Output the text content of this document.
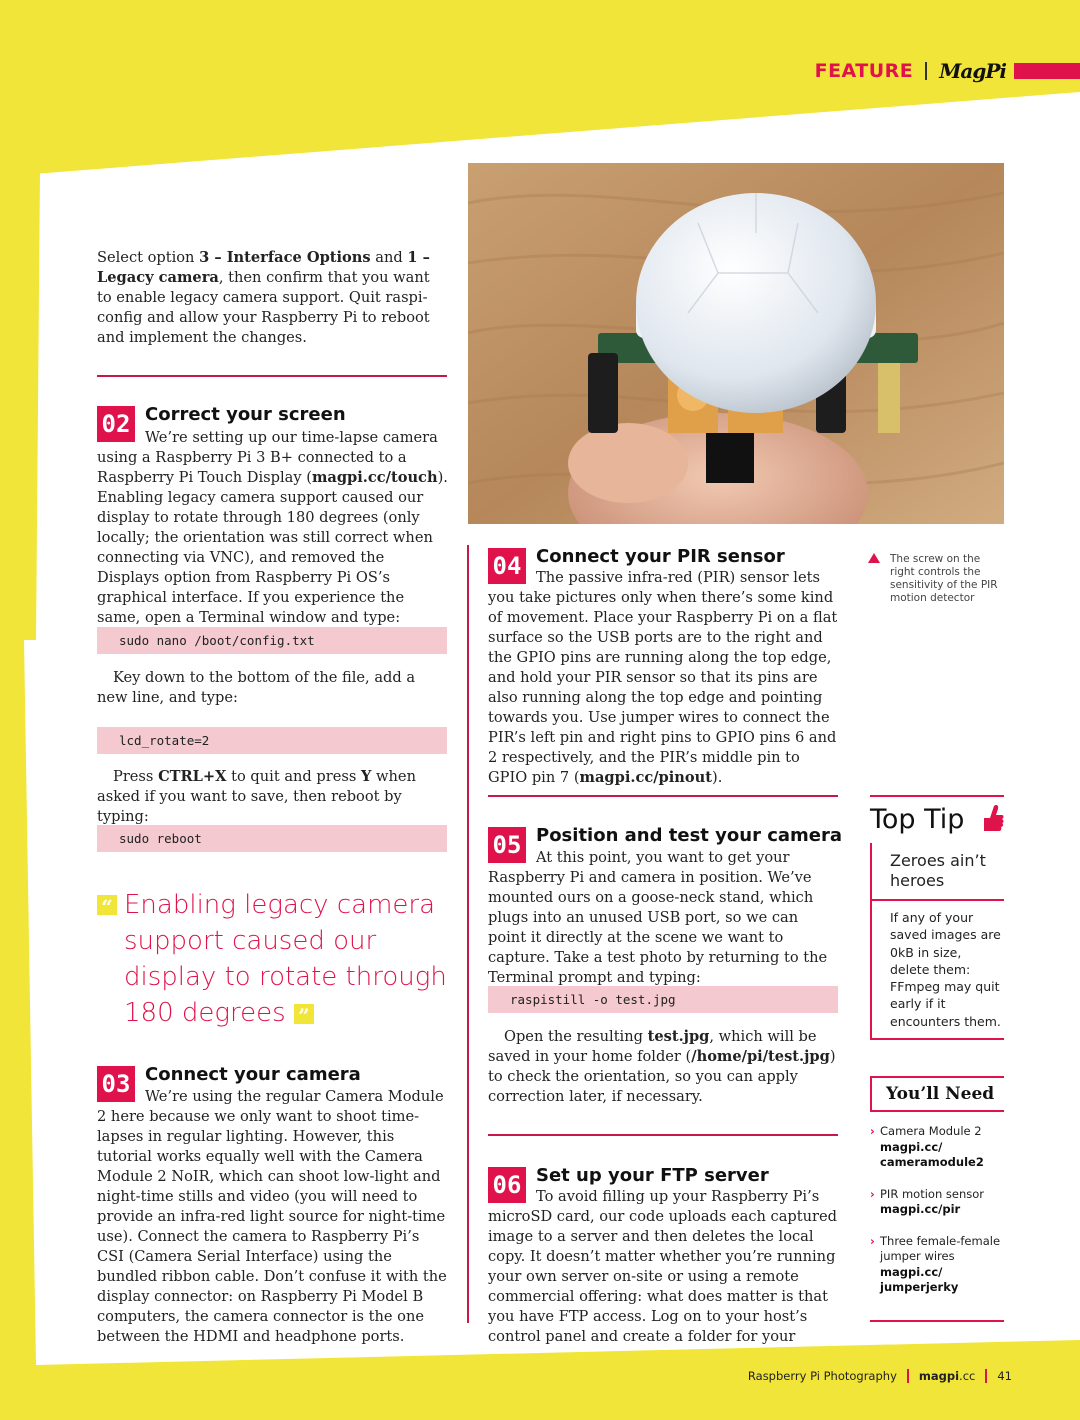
FEATURE MagPi

Select option 3 – Interface Options and 1 – Legacy camera, then confirm that you want to enable legacy camera support. Quit raspi-config and allow your Raspberry Pi to reboot and implement the changes.

02 Correct your screen

We’re setting up our time-lapse camera using a Raspberry Pi 3 B+ connected to a Raspberry Pi Touch Display (magpi.cc/touch). Enabling legacy camera support caused our display to rotate through 180 degrees (only locally; the orientation was still correct when connecting via VNC), and removed the Displays option from Raspberry Pi OS’s graphical interface. If you experience the same, open a Terminal window and type:

sudo nano /boot/config.txt

Key down to the bottom of the file, add a new line, and type:

lcd_rotate=2

Press CTRL+X to quit and press Y when asked if you want to save, then reboot by typing:

sudo reboot
“ Enabling legacy camera support caused our display to rotate through 180 degrees ”
03 Connect your camera

We’re using the regular Camera Module 2 here because we only want to shoot time-lapses in regular lighting. However, this tutorial works equally well with the Camera Module 2 NoIR, which can shoot low-light and night-time stills and video (you will need to provide an infra-red light source for night-time use). Connect the camera to Raspberry Pi’s CSI (Camera Serial Interface) using the bundled ribbon cable. Don’t confuse it with the display connector: on Raspberry Pi Model B computers, the camera connector is the one between the HDMI and headphone ports.

The screw on the right controls the sensitivity of the PIR motion detector
04 Connect your PIR sensor

The passive infra-red (PIR) sensor lets you take pictures only when there’s some kind of movement. Place your Raspberry Pi on a flat surface so the USB ports are to the right and the GPIO pins are running along the top edge, and hold your PIR sensor so that its pins are also running along the top edge and pointing towards you. Use jumper wires to connect the PIR’s left pin and right pins to GPIO pins 6 and 2 respectively, and the PIR’s middle pin to GPIO pin 7 (magpi.cc/pinout).

05 Position and test your camera

At this point, you want to get your Raspberry Pi and camera in position. We’ve mounted ours on a goose-neck stand, which plugs into an unused USB port, so we can point it directly at the scene we want to capture. Take a test photo by returning to the Terminal prompt and typing:

raspistill -o test.jpg

Open the resulting test.jpg, which will be saved in your home folder (/home/pi/test.jpg) to check the orientation, so you can apply correction later, if necessary.

06 Set up your FTP server

To avoid filling up your Raspberry Pi’s microSD card, our code uploads each captured image to a server and then deletes the local copy. It doesn’t matter whether you’re running your own server on-site or using a remote commercial offering: what does matter is that you have FTP access. Log on to your host’s control panel and create a folder for your

Top Tip
Zeroes ain’t heroes
If any of your saved images are 0kB in size, delete them: FFmpeg may quit early if it encounters them.
You’ll Need
› Camera Module 2
magpi.cc/ cameramodule2
› PIR motion sensor
magpi.cc/pir
› Three female-female jumper wires
magpi.cc/ jumperjerky
Raspberry Pi Photography magpi.cc 41
